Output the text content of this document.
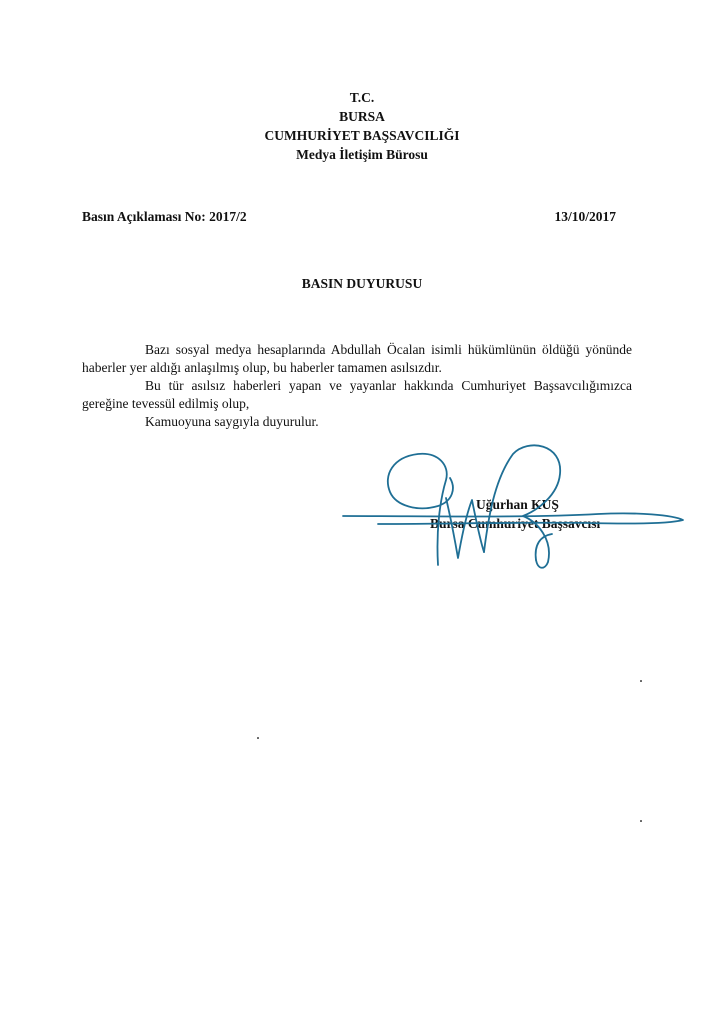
T.C.
BURSA
CUMHURİYET BAŞSAVCILIĞI
Medya İletişim Bürosu
Basın Açıklaması No: 2017/2	13/10/2017
BASIN DUYURUSU

Bazı sosyal medya hesaplarında Abdullah Öcalan isimli hükümlünün öldüğü yönünde haberler yer aldığı anlaşılmış olup, bu haberler tamamen asılsızdır.

Bu tür asılsız haberleri yapan ve yayanlar hakkında Cumhuriyet Başsavcılığımızca gereğine tevessül edilmiş olup,

Kamuoyuna saygıyla duyurulur.

Uğurhan KUŞ
Bursa Cumhuriyet Başsavcısı
